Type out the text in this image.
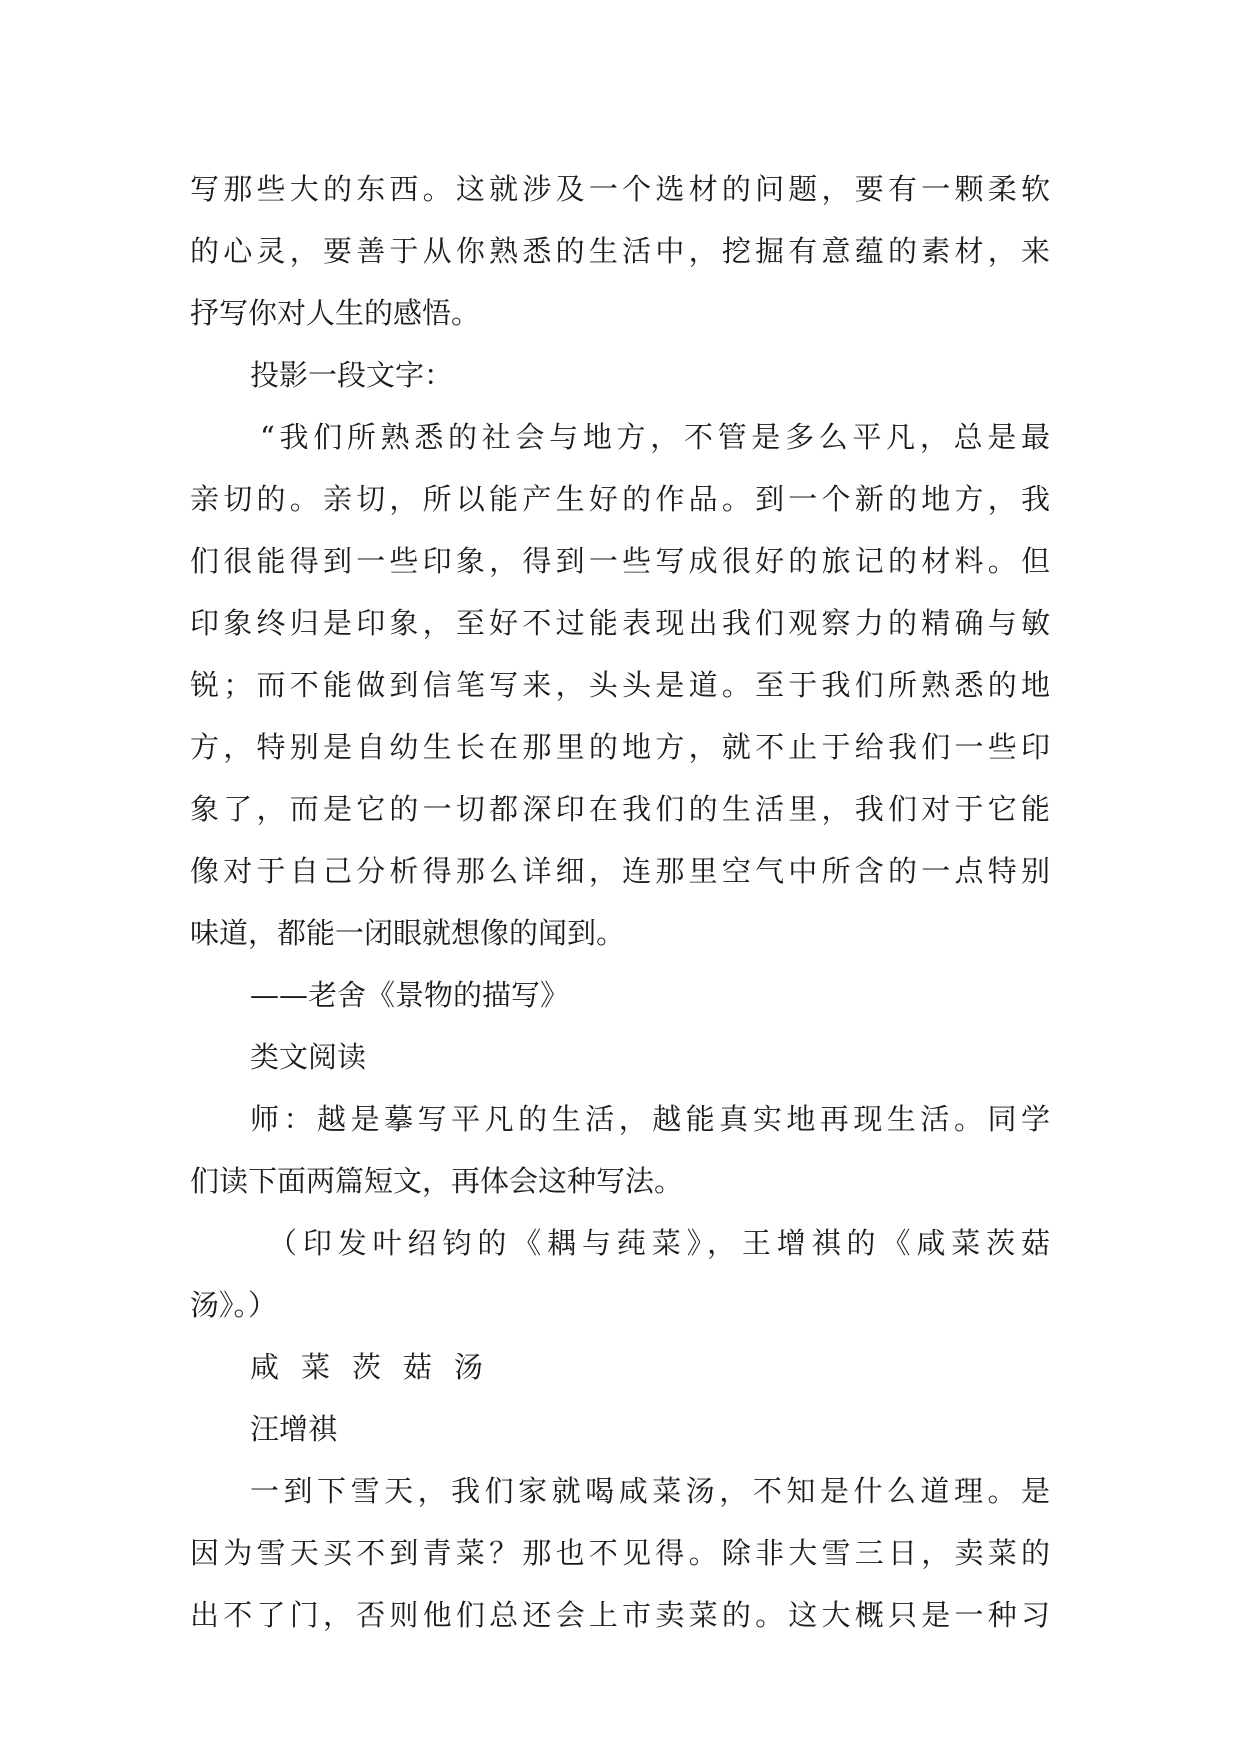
写那些大的东西。这就涉及一个选材的问题，要有一颗柔软
的心灵，要善于从你熟悉的生活中，挖掘有意蕴的素材，来
抒写你对人生的感悟。
投影一段文字：
“我们所熟悉的社会与地方，不管是多么平凡，总是最
亲切的。亲切，所以能产生好的作品。到一个新的地方，我
们很能得到一些印象，得到一些写成很好的旅记的材料。但
印象终归是印象，至好不过能表现出我们观察力的精确与敏
锐；而不能做到信笔写来，头头是道。至于我们所熟悉的地
方，特别是自幼生长在那里的地方，就不止于给我们一些印
象了，而是它的一切都深印在我们的生活里，我们对于它能
像对于自己分析得那么详细，连那里空气中所含的一点特别
味道，都能一闭眼就想像的闻到。
——老舍《景物的描写》
类文阅读
师：越是摹写平凡的生活，越能真实地再现生活。同学
们读下面两篇短文，再体会这种写法。
（印发叶绍钧的《耦与莼菜》，王增祺的《咸菜茨菇
汤》。）
咸菜茨菇汤
汪增祺
一到下雪天，我们家就喝咸菜汤，不知是什么道理。是
因为雪天买不到青菜？那也不见得。除非大雪三日，卖菜的
出不了门，否则他们总还会上市卖菜的。这大概只是一种习
